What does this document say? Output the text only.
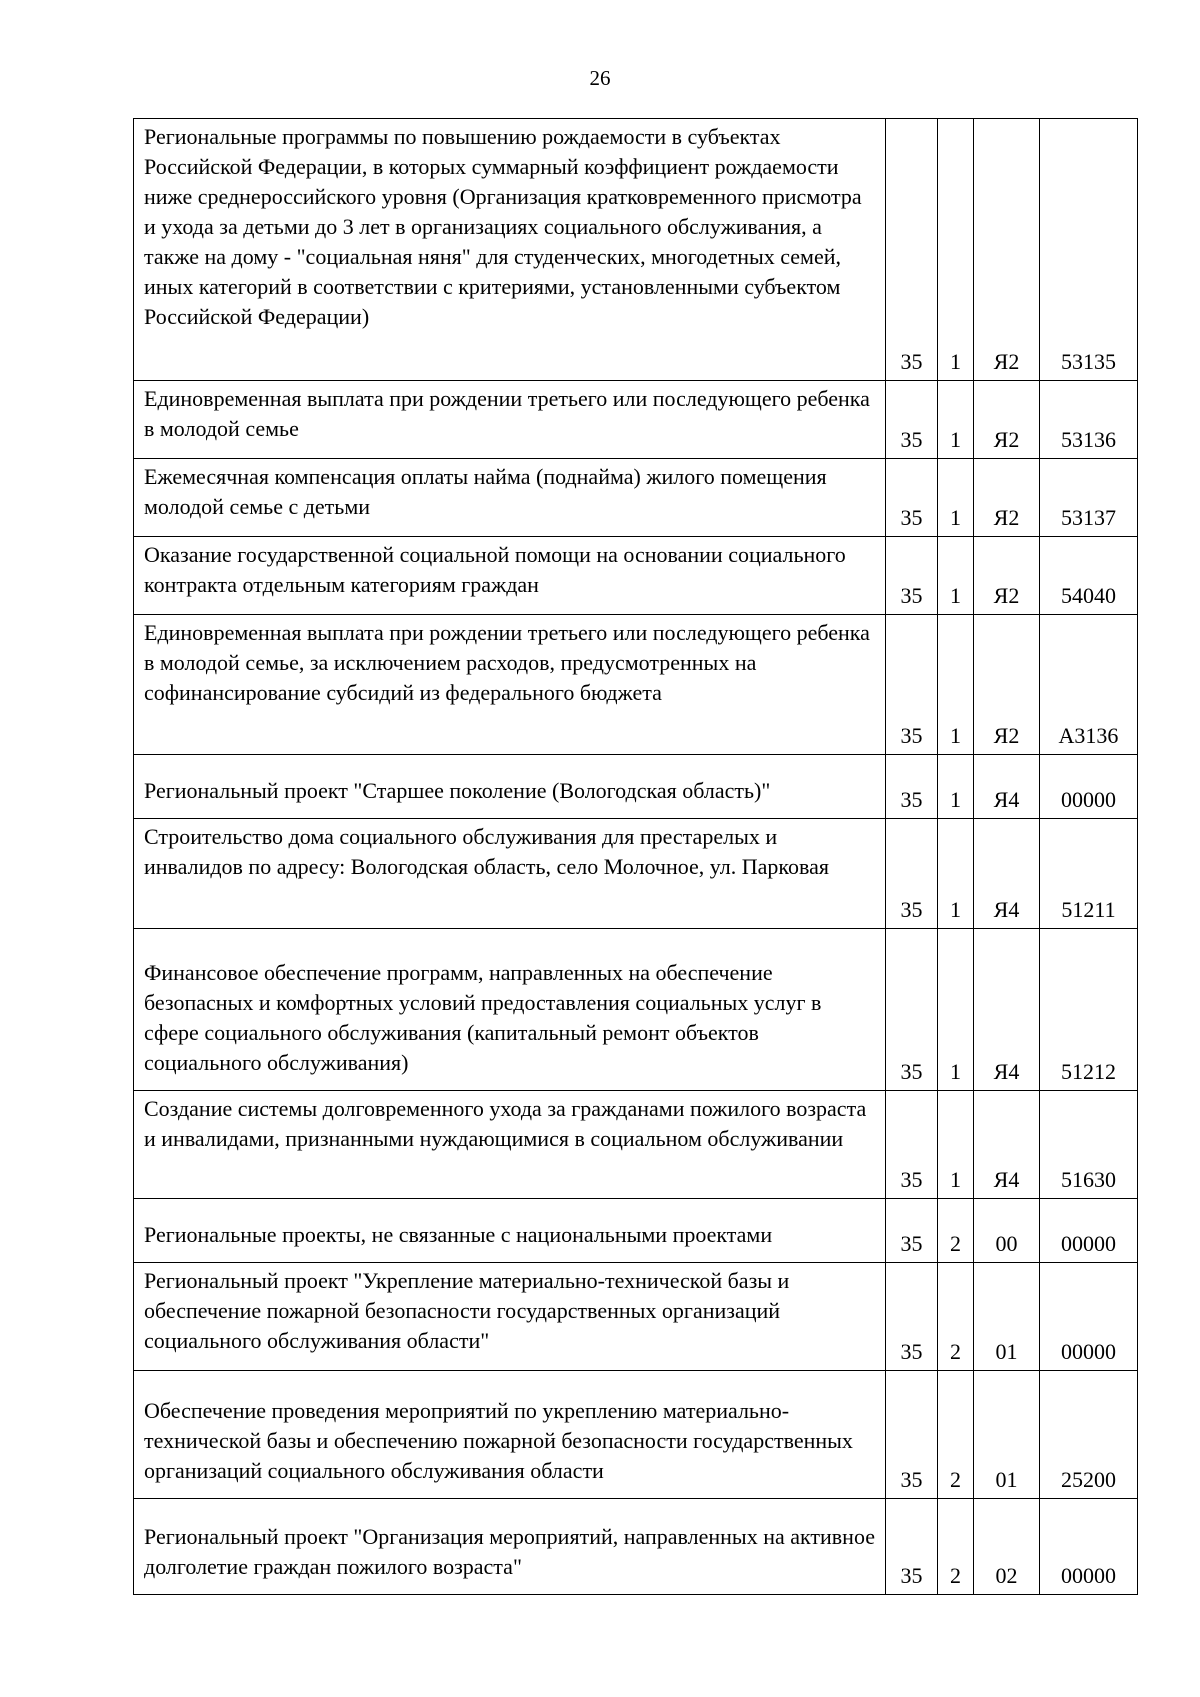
26
Региональные программы по повышению рождаемости в субъектах Российской Федерации, в которых суммарный коэффициент рождаемости ниже среднероссийского уровня (Организация кратковременного присмотра и ухода за детьми до 3 лет в организациях социального обслуживания, а также на дому - "социальная няня" для студенческих, многодетных семей, иных категорий в соответствии с критериями, установленными субъектом Российской Федерации)	35	1	Я2	53135
Единовременная выплата при рождении третьего или последующего ребенка в молодой семье	35	1	Я2	53136
Ежемесячная компенсация оплаты найма (поднайма) жилого помещения молодой семье с детьми	35	1	Я2	53137
Оказание государственной социальной помощи на основании социального контракта отдельным категориям граждан	35	1	Я2	54040
Единовременная выплата при рождении третьего или последующего ребенка в молодой семье, за исключением расходов, предусмотренных на софинансирование субсидий из федерального бюджета	35	1	Я2	А3136
Региональный проект "Старшее поколение (Вологодская область)"	35	1	Я4	00000
Строительство дома социального обслуживания для престарелых и инвалидов по адресу: Вологодская область, село Молочное, ул. Парковая	35	1	Я4	51211
Финансовое обеспечение программ, направленных на обеспечение безопасных и комфортных условий предоставления социальных услуг в сфере социального обслуживания (капитальный ремонт объектов социального обслуживания)	35	1	Я4	51212
Создание системы долговременного ухода за гражданами пожилого возраста и инвалидами, признанными нуждающимися в социальном обслуживании	35	1	Я4	51630
Региональные проекты, не связанные с национальными проектами	35	2	00	00000
Региональный проект "Укрепление материально-технической базы и обеспечение пожарной безопасности государственных организаций социального обслуживания области"	35	2	01	00000
Обеспечение проведения мероприятий по укреплению материально-технической базы и обеспечению пожарной безопасности государственных организаций социального обслуживания области	35	2	01	25200
Региональный проект "Организация мероприятий, направленных на активное долголетие граждан пожилого возраста"	35	2	02	00000
